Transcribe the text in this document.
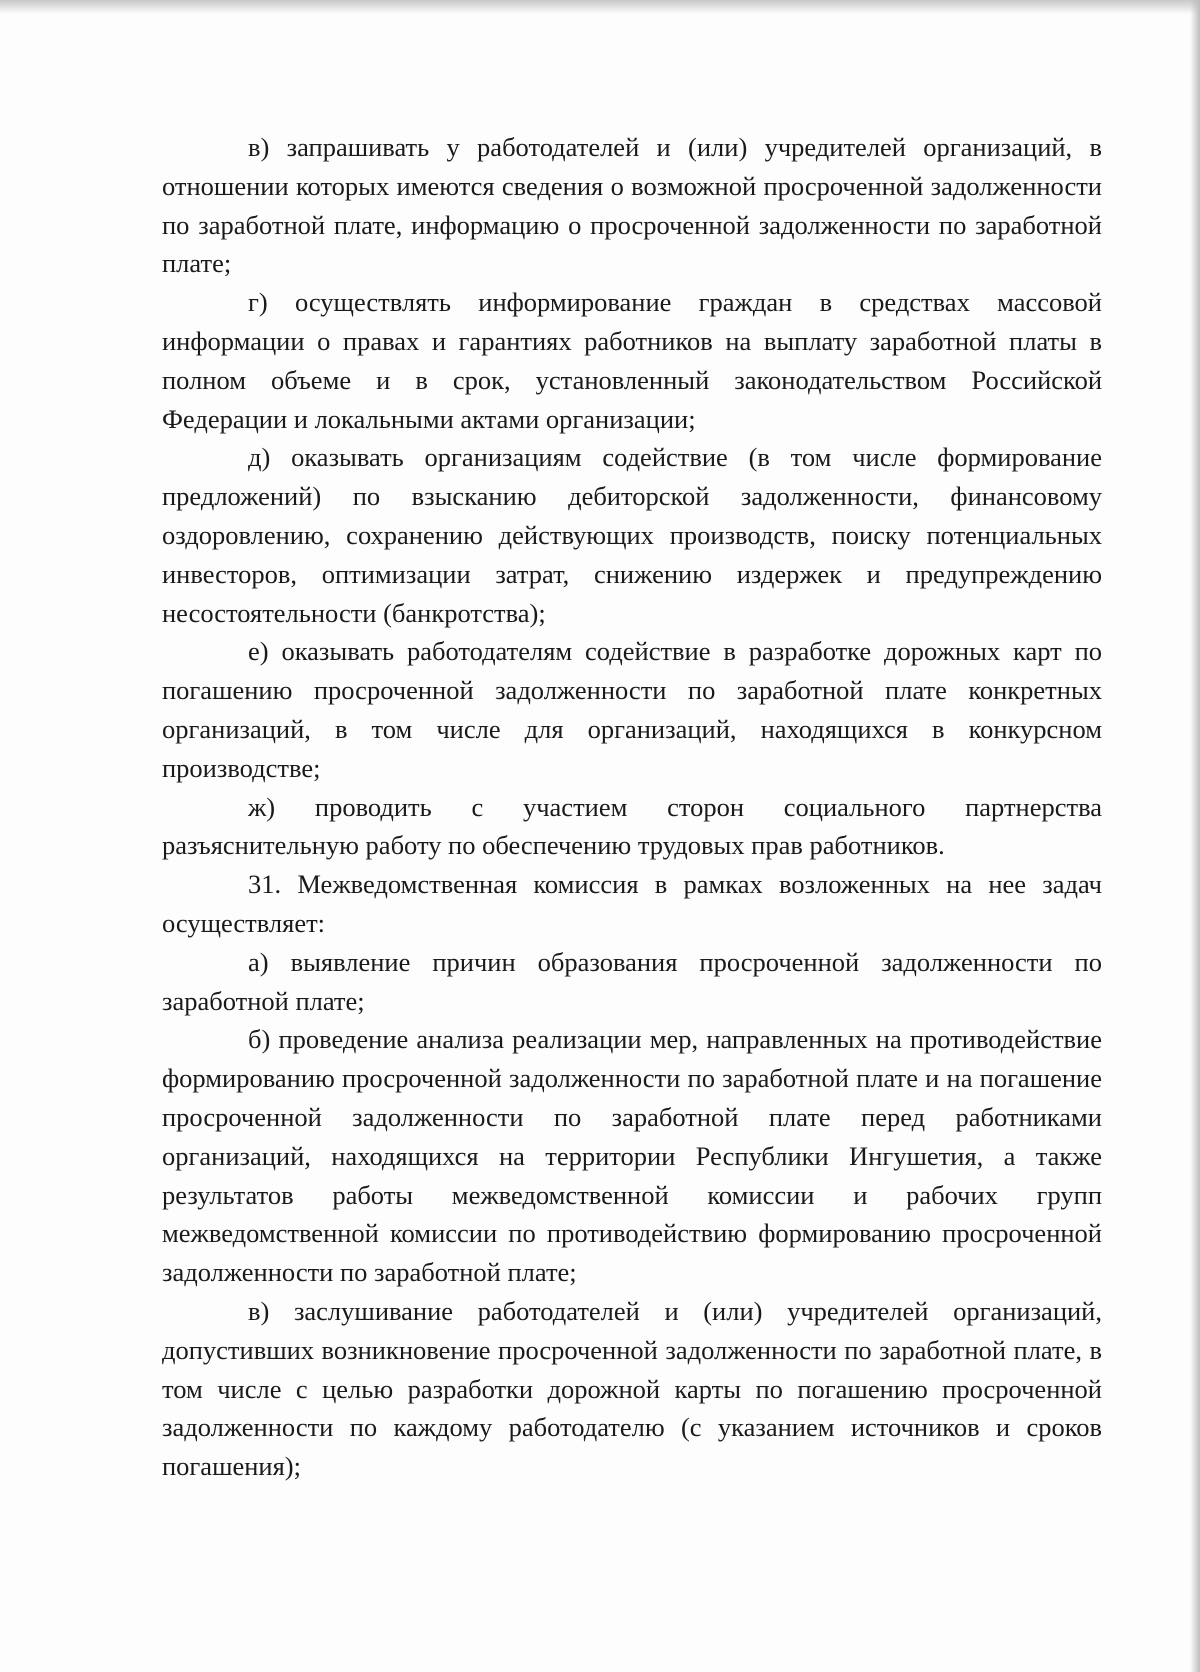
в) запрашивать у работодателей и (или) учредителей организаций, в отношении которых имеются сведения о возможной просроченной задолженности по заработной плате, информацию о просроченной задолженности по заработной плате;

г) осуществлять информирование граждан в средствах массовой информации о правах и гарантиях работников на выплату заработной платы в полном объеме и в срок, установленный законодательством Российской Федерации и локальными актами организации;

д) оказывать организациям содействие (в том числе формирование предложений) по взысканию дебиторской задолженности, финансовому оздоровлению, сохранению действующих производств, поиску потенциальных инвесторов, оптимизации затрат, снижению издержек и предупреждению несостоятельности (банкротства);

е) оказывать работодателям содействие в разработке дорожных карт по погашению просроченной задолженности по заработной плате конкретных организаций, в том числе для организаций, находящихся в конкурсном производстве;

ж) проводить с участием сторон социального партнерства разъяснительную работу по обеспечению трудовых прав работников.

31. Межведомственная комиссия в рамках возложенных на нее задач осуществляет:

а) выявление причин образования просроченной задолженности по заработной плате;

б) проведение анализа реализации мер, направленных на противодействие формированию просроченной задолженности по заработной плате и на погашение просроченной задолженности по заработной плате перед работниками организаций, находящихся на территории Республики Ингушетия, а также результатов работы межведомственной комиссии и рабочих групп межведомственной комиссии по противодействию формированию просроченной задолженности по заработной плате;

в) заслушивание работодателей и (или) учредителей организаций, допустивших возникновение просроченной задолженности по заработной плате, в том числе с целью разработки дорожной карты по погашению просроченной задолженности по каждому работодателю (с указанием источников и сроков погашения);
